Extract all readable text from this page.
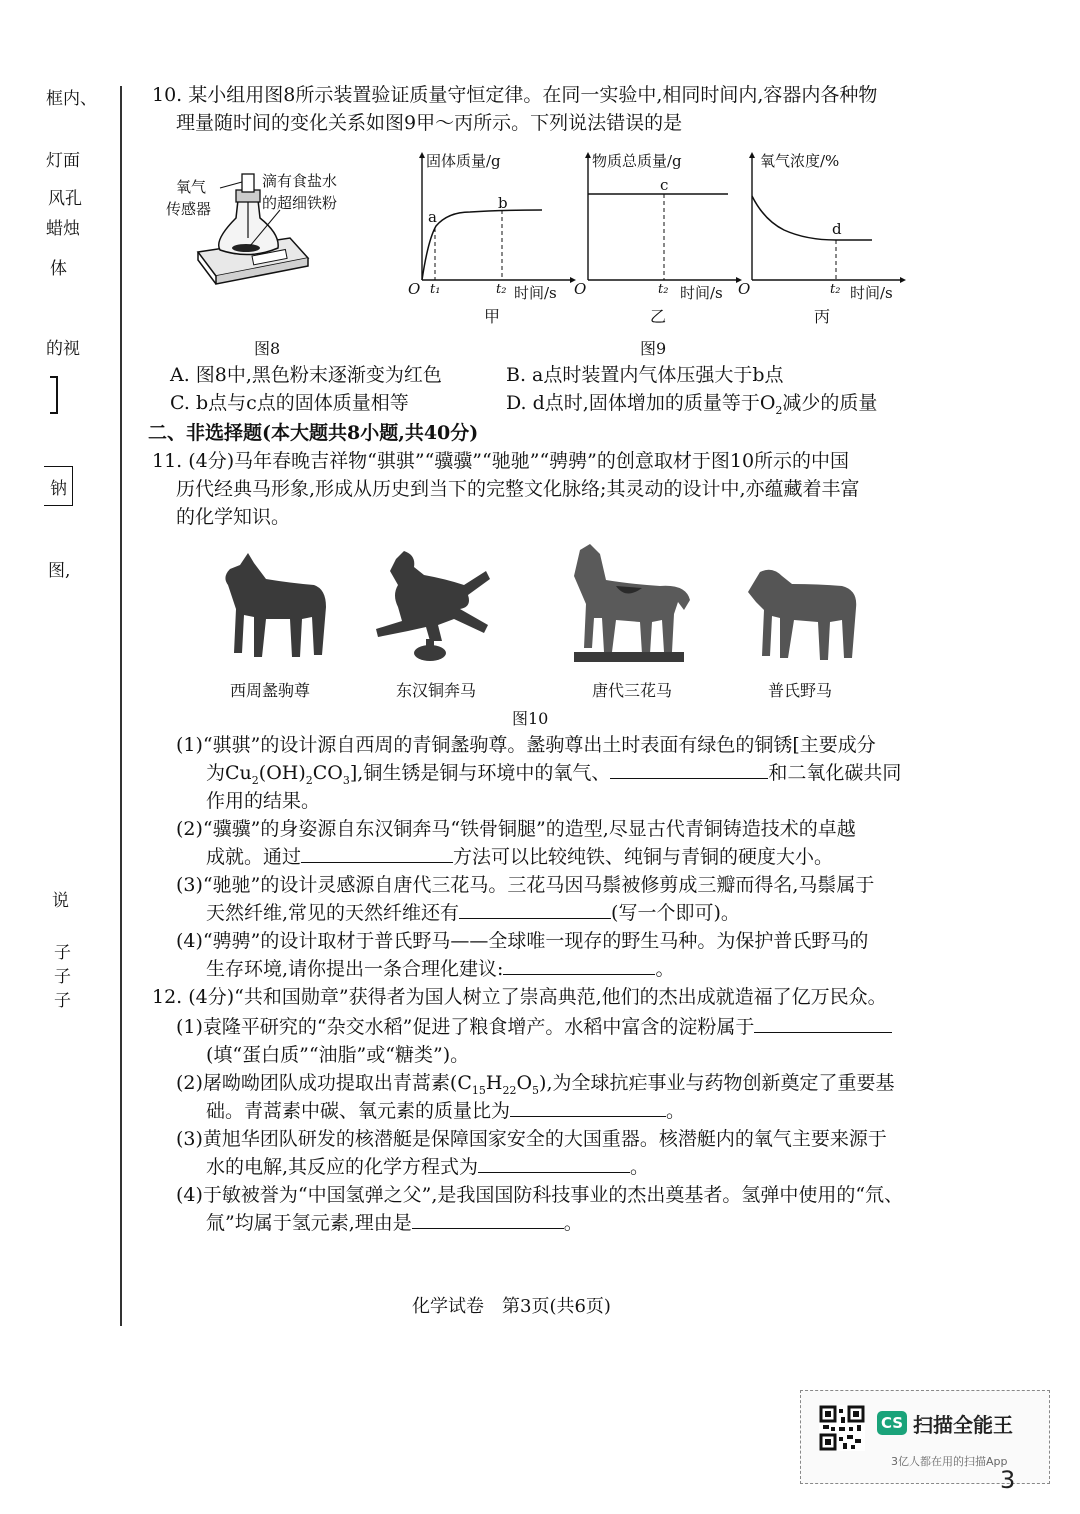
框内、
灯面
风孔
蜡烛
体
的视
钠
图,
说
子
子
子
10. 某小组用图8所示装置验证质量守恒定律。在同一实验中,相同时间内,容器内各种物
理量随时间的变化关系如图9甲～丙所示。下列说法错误的是
氧气
传感器
滴有食盐水
的超细铁粉
图8
固体质量/g
O t₁	t₂ 时间/s
a
b
甲
物质总质量/g
O	t₂ 时间/s
c
乙
氧气浓度/%
O	t₂ 时间/s
d
丙
图9
A. 图8中,黑色粉末逐渐变为红色	B. a点时装置内气体压强大于b点
C. b点与c点的固体质量相等	D. d点时,固体增加的质量等于$O_2$减少的质量
二、非选择题(本大题共8小题,共40分)
11. (4分)马年春晚吉祥物“骐骐”“骥骥”“驰驰”“骋骋”的创意取材于图10所示的中国
历代经典马形象,形成从历史到当下的完整文化脉络;其灵动的设计中,亦蕴藏着丰富
的化学知识。
西周盠驹尊	东汉铜奔马	唐代三花马	普氏野马
图10
(1)“骐骐”的设计源自西周的青铜盠驹尊。盠驹尊出土时表面有绿色的铜锈[主要成分
为$Cu_2(OH)_2CO_3$],铜生锈是铜与环境中的氧气、	和二氧化碳共同
作用的结果。
(2)“骥骥”的身姿源自东汉铜奔马“铁骨铜腿”的造型,尽显古代青铜铸造技术的卓越
成就。通过	方法可以比较纯铁、纯铜与青铜的硬度大小。
(3)“驰驰”的设计灵感源自唐代三花马。三花马因马鬃被修剪成三瓣而得名,马鬃属于
天然纤维,常见的天然纤维还有	(写一个即可)。
(4)“骋骋”的设计取材于普氏野马——全球唯一现存的野生马种。为保护普氏野马的
生存环境,请你提出一条合理化建议:	。
12. (4分)“共和国勋章”获得者为国人树立了崇高典范,他们的杰出成就造福了亿万民众。
(1)袁隆平研究的“杂交水稻”促进了粮食增产。水稻中富含的淀粉属于
(填“蛋白质”“油脂”或“糖类”)。
(2)屠呦呦团队成功提取出青蒿素$(C_{15}H_{22}O_5)$,为全球抗疟事业与药物创新奠定了重要基
础。青蒿素中碳、氧元素的质量比为	。
(3)黄旭华团队研发的核潜艇是保障国家安全的大国重器。核潜艇内的氧气主要来源于
水的电解,其反应的化学方程式为	。
(4)于敏被誉为“中国氢弹之父”,是我国国防科技事业的杰出奠基者。氢弹中使用的“氘、
氚”均属于氢元素,理由是	。
化学试卷　第3页(共6页)
CS 扫描全能王
3亿人都在用的扫描App
3
